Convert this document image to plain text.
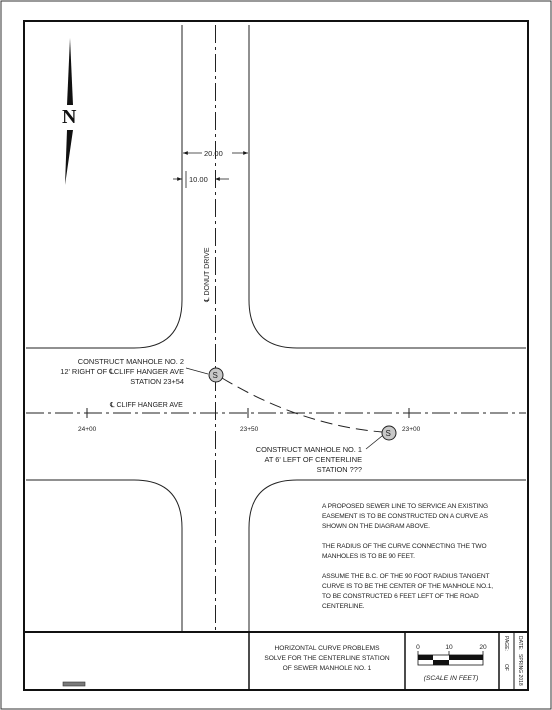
N
24+00	23+50	23+00
℄ CLIFF HANGER AVE
℄ DONUT DRIVE
20.00
10.00
S
S
CONSTRUCT MANHOLE NO. 2
12' RIGHT OF ℄CLIFF HANGER AVE
STATION 23+54
CONSTRUCT MANHOLE NO. 1
AT 6' LEFT OF CENTERLINE
STATION ???
HORIZONTAL CURVE PROBLEMS
SOLVE FOR THE CENTERLINE STATION
OF SEWER MANHOLE NO. 1
0	10	20
(SCALE IN FEET)
PAGE:
OF
DATE:
SPRING 2018
A PROPOSED SEWER LINE TO SERVICE AN EXISTING
EASEMENT IS TO BE CONSTRUCTED ON A CURVE AS
SHOWN ON THE DIAGRAM ABOVE.
THE RADIUS OF THE CURVE CONNECTING THE TWO
MANHOLES IS TO BE 90 FEET.
ASSUME THE B.C. OF THE 90 FOOT RADIUS TANGENT
CURVE IS TO BE THE CENTER OF THE MANHOLE NO.1,
TO BE CONSTRUCTED 6 FEET LEFT OF THE ROAD
CENTERLINE.
